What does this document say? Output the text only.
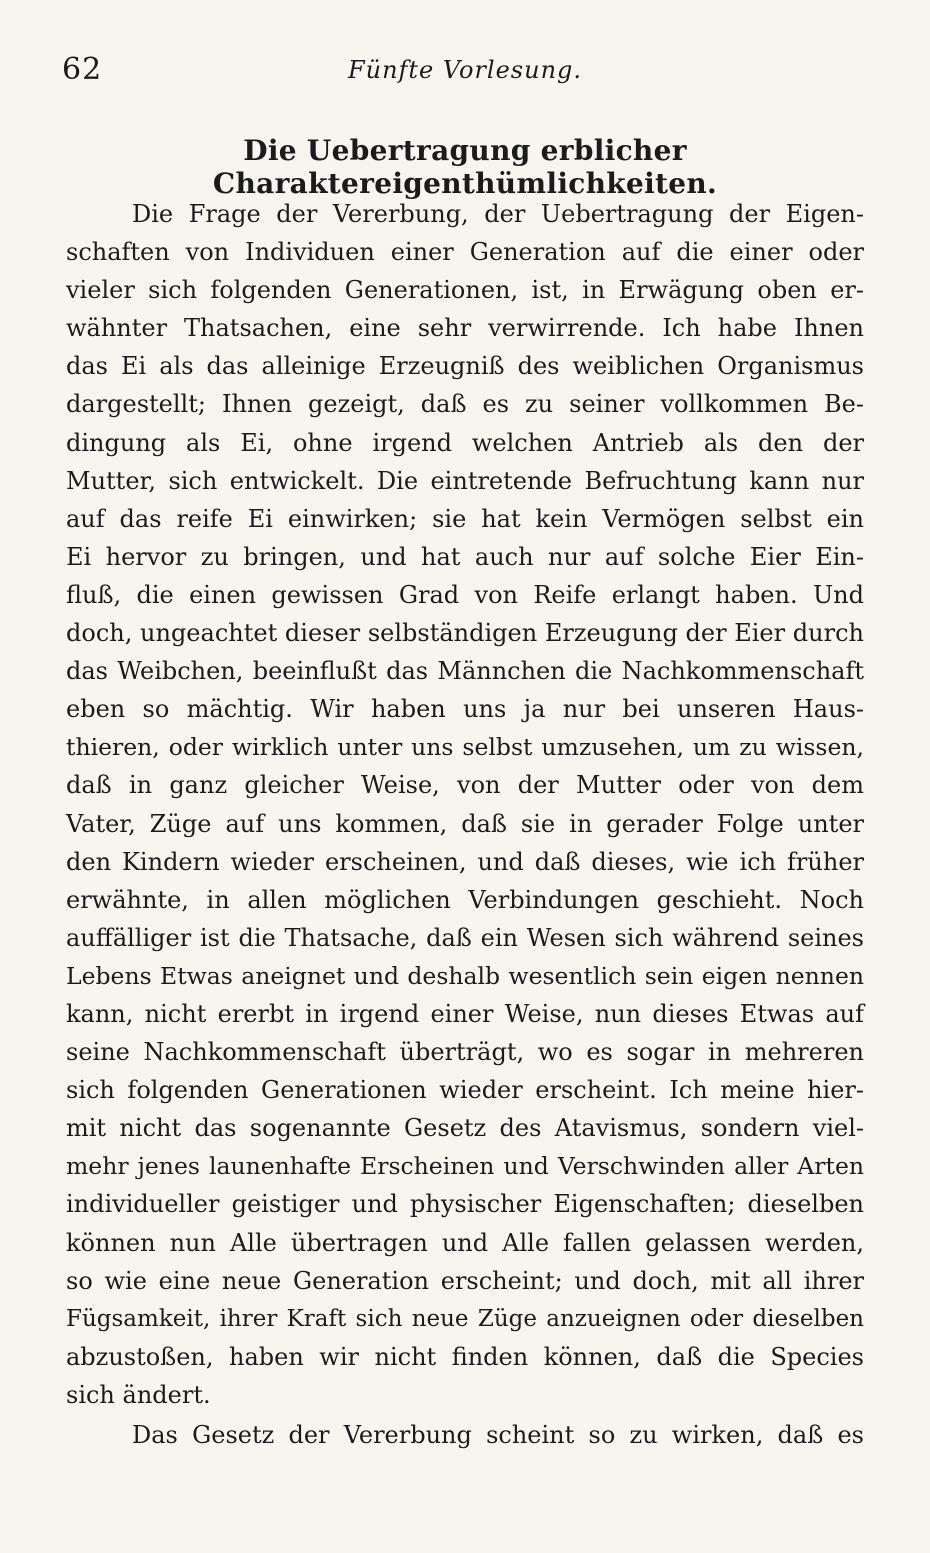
62	Fünfte Vorlesung.
Die Uebertragung erblicher Charaktereigenthümlichkeiten.
Die Frage der Vererbung, der Uebertragung der Eigen-
schaften von Individuen einer Generation auf die einer oder
vieler sich folgenden Generationen, ist, in Erwägung oben er-
wähnter Thatsachen, eine sehr verwirrende. Ich habe Ihnen
das Ei als das alleinige Erzeugniß des weiblichen Organismus
dargestellt; Ihnen gezeigt, daß es zu seiner vollkommen Be-
dingung als Ei, ohne irgend welchen Antrieb als den der
Mutter, sich entwickelt. Die eintretende Befruchtung kann nur
auf das reife Ei einwirken; sie hat kein Vermögen selbst ein
Ei hervor zu bringen, und hat auch nur auf solche Eier Ein-
fluß, die einen gewissen Grad von Reife erlangt haben. Und
doch, ungeachtet dieser selbständigen Erzeugung der Eier durch
das Weibchen, beeinflußt das Männchen die Nachkommenschaft
eben so mächtig. Wir haben uns ja nur bei unseren Haus-
thieren, oder wirklich unter uns selbst umzusehen, um zu wissen,
daß in ganz gleicher Weise, von der Mutter oder von dem
Vater, Züge auf uns kommen, daß sie in gerader Folge unter
den Kindern wieder erscheinen, und daß dieses, wie ich früher
erwähnte, in allen möglichen Verbindungen geschieht. Noch
auffälliger ist die Thatsache, daß ein Wesen sich während seines
Lebens Etwas aneignet und deshalb wesentlich sein eigen nennen
kann, nicht ererbt in irgend einer Weise, nun dieses Etwas auf
seine Nachkommenschaft überträgt, wo es sogar in mehreren
sich folgenden Generationen wieder erscheint. Ich meine hier-
mit nicht das sogenannte Gesetz des Atavismus, sondern viel-
mehr jenes launenhafte Erscheinen und Verschwinden aller Arten
individueller geistiger und physischer Eigenschaften; dieselben
können nun Alle übertragen und Alle fallen gelassen werden,
so wie eine neue Generation erscheint; und doch, mit all ihrer
Fügsamkeit, ihrer Kraft sich neue Züge anzueignen oder dieselben
abzustoßen, haben wir nicht finden können, daß die Species
sich ändert.
Das Gesetz der Vererbung scheint so zu wirken, daß es
